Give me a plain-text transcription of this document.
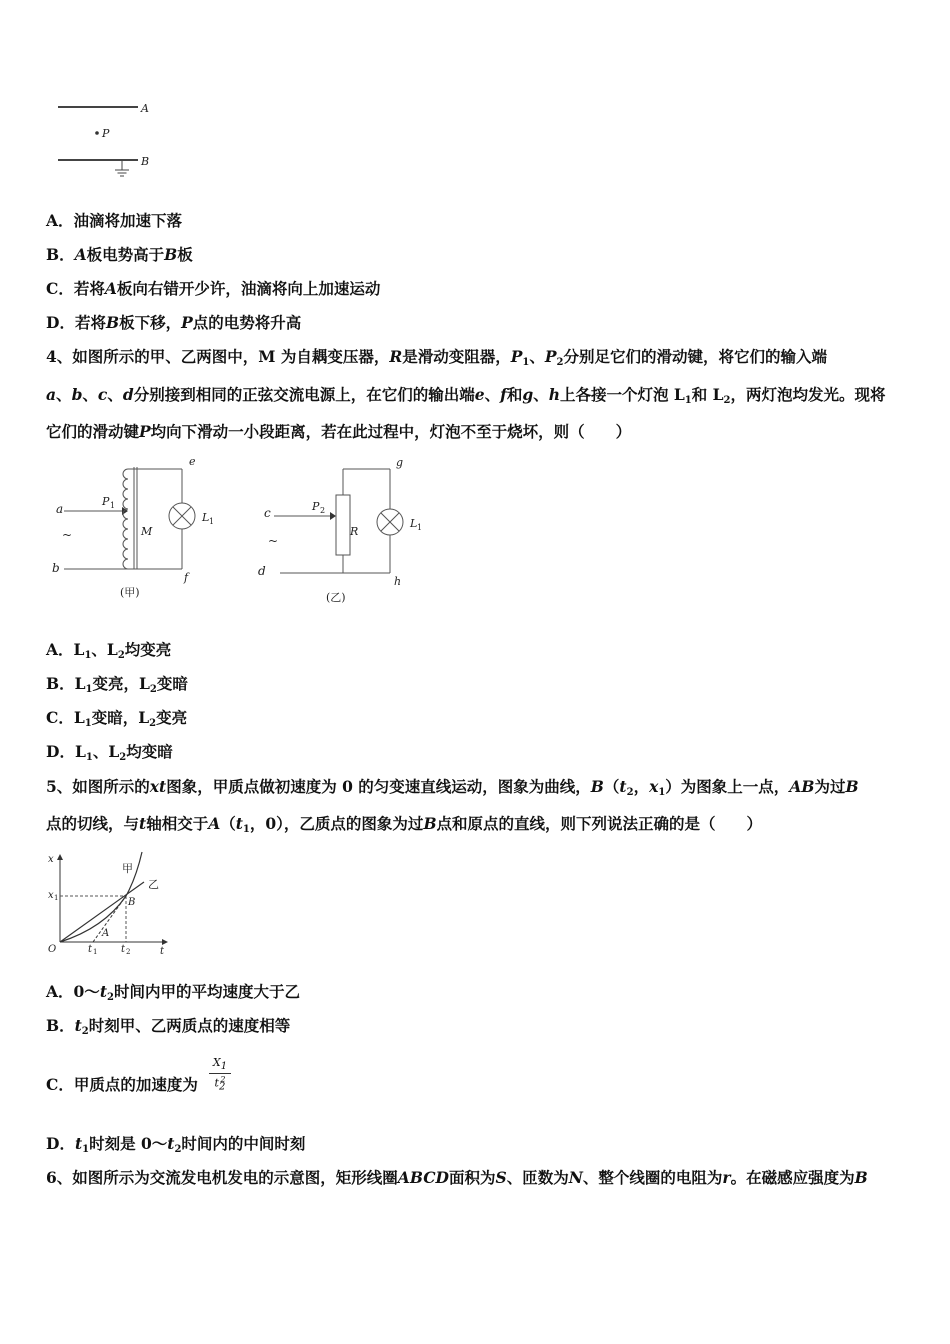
A
P
B
A．油滴将加速下落
B．A板电势高于B板
C．若将A板向右错开少许，油滴将向上加速运动
D．若将B板下移，P点的电势将升高
4、如图所示的甲、乙两图中，M 为自耦变压器，R是滑动变阻器，$P_1$、$P_2$分别足它们的滑动键，将它们的输入端
a、b、c、d分别接到相同的正弦交流电源上，在它们的输出端e、f和g、h上各接一个灯泡 $L_1$和 $L_2$，两灯泡均发光。现将
它们的滑动键P均向下滑动一小段距离，若在此过程中，灯泡不至于烧坏，则（　　）
a
~
b
P 1
M
e
L 1
f
(甲)
c
~
d
P 2
R
g
L 1
h
(乙)
A．$L_1$、$L_2$均变亮
B．$L_1$变亮，$L_2$变暗
C．$L_1$变暗，$L_2$变亮
D．$L_1$、$L_2$均变暗
5、如图所示的xt图象，甲质点做初速度为 0 的匀变速直线运动，图象为曲线，$B(t_2$，$x_1$）为图象上一点，AB为过B
点的切线，与t轴相交于$A(t_1$，0），乙质点的图象为过B点和原点的直线，则下列说法正确的是（　　）
x
t
O
x 1
甲
乙
B
A
t 1 t 2
A．$0\sim t_2$时间内甲的平均速度大于乙
B．$t_2$时刻甲、乙两质点的速度相等
C．甲质点的加速度为 $\frac{X_1}{t_2^2}$
D．$t_1$时刻是 $0\sim t_2$时间内的中间时刻
6、如图所示为交流发电机发电的示意图，矩形线圈ABCD面积为S、匝数为N、整个线圈的电阻为r。在磁感应强度为B
